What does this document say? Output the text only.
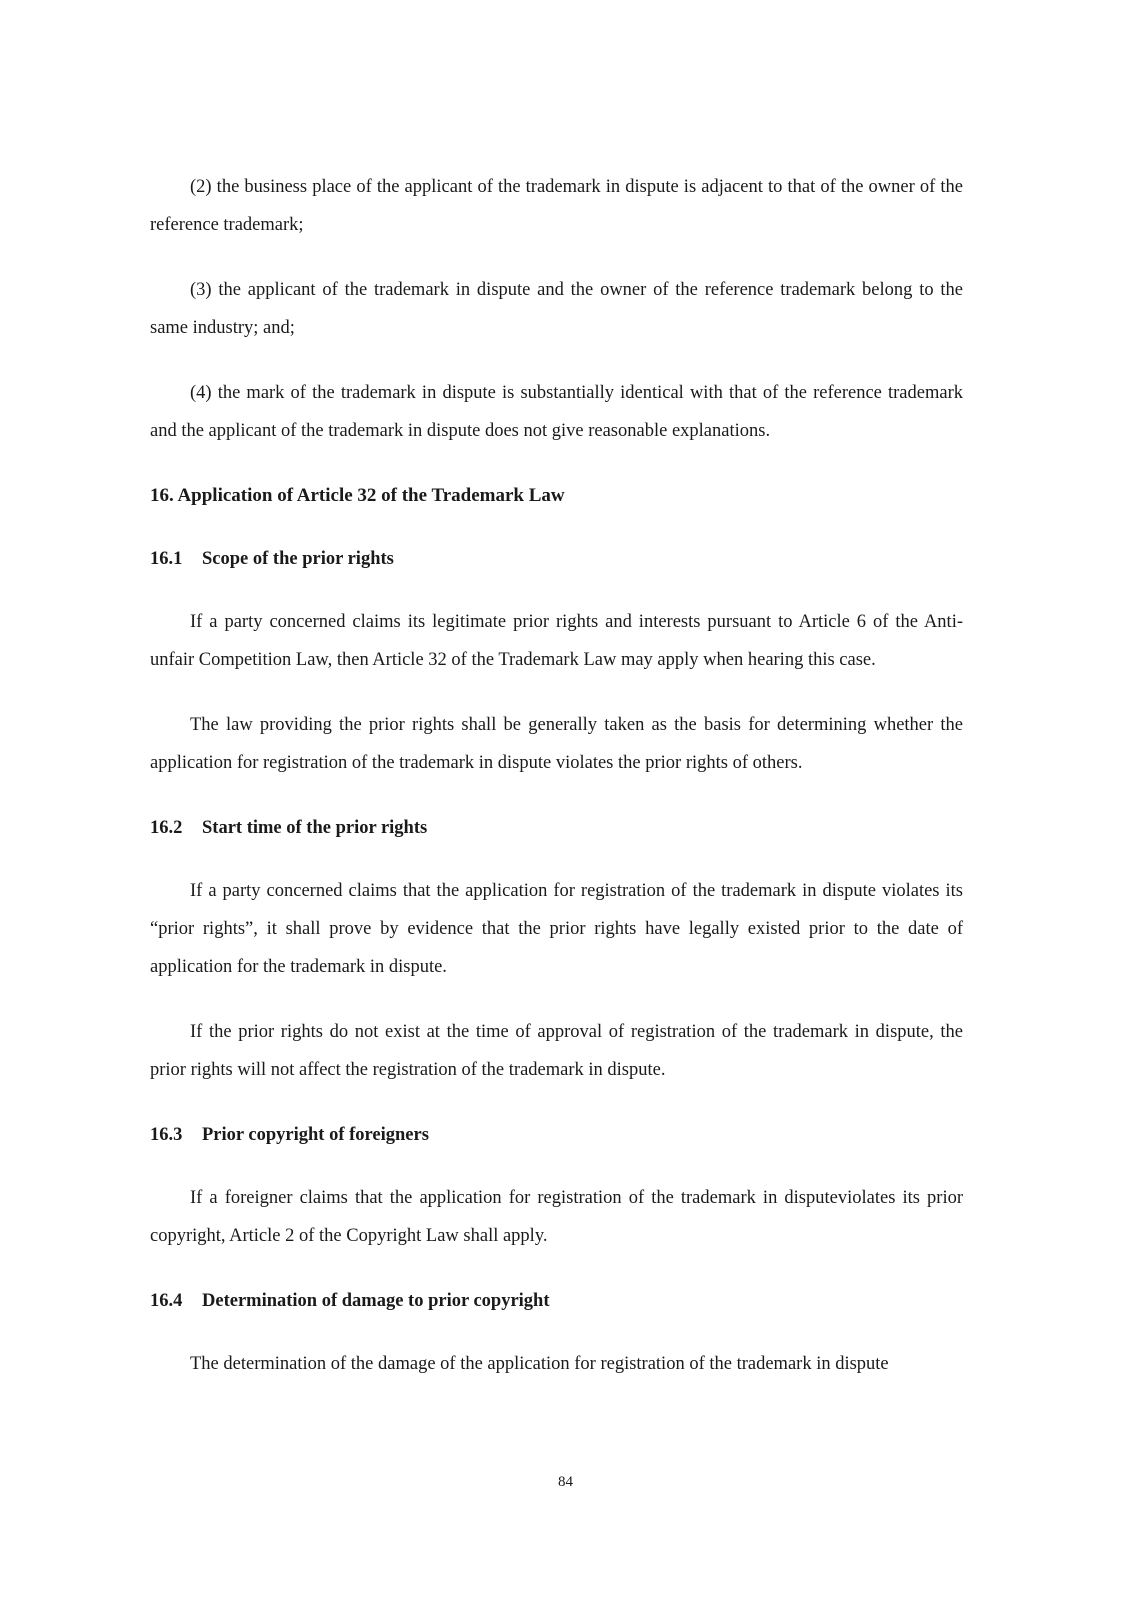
(2) the business place of the applicant of the trademark in dispute is adjacent to that of the owner of the reference trademark;

(3) the applicant of the trademark in dispute and the owner of the reference trademark belong to the same industry; and;

(4) the mark of the trademark in dispute is substantially identical with that of the reference trademark and the applicant of the trademark in dispute does not give reasonable explanations.

16. Application of Article 32 of the Trademark Law
16.1 Scope of the prior rights

If a party concerned claims its legitimate prior rights and interests pursuant to Article 6 of the Anti-unfair Competition Law, then Article 32 of the Trademark Law may apply when hearing this case.

The law providing the prior rights shall be generally taken as the basis for determining whether the application for registration of the trademark in dispute violates the prior rights of others.

16.2 Start time of the prior rights

If a party concerned claims that the application for registration of the trademark in dispute violates its “prior rights”, it shall prove by evidence that the prior rights have legally existed prior to the date of application for the trademark in dispute.

If the prior rights do not exist at the time of approval of registration of the trademark in dispute, the prior rights will not affect the registration of the trademark in dispute.

16.3 Prior copyright of foreigners

If a foreigner claims that the application for registration of the trademark in disputeviolates its prior copyright, Article 2 of the Copyright Law shall apply.

16.4 Determination of damage to prior copyright

The determination of the damage of the application for registration of the trademark in dispute

84
